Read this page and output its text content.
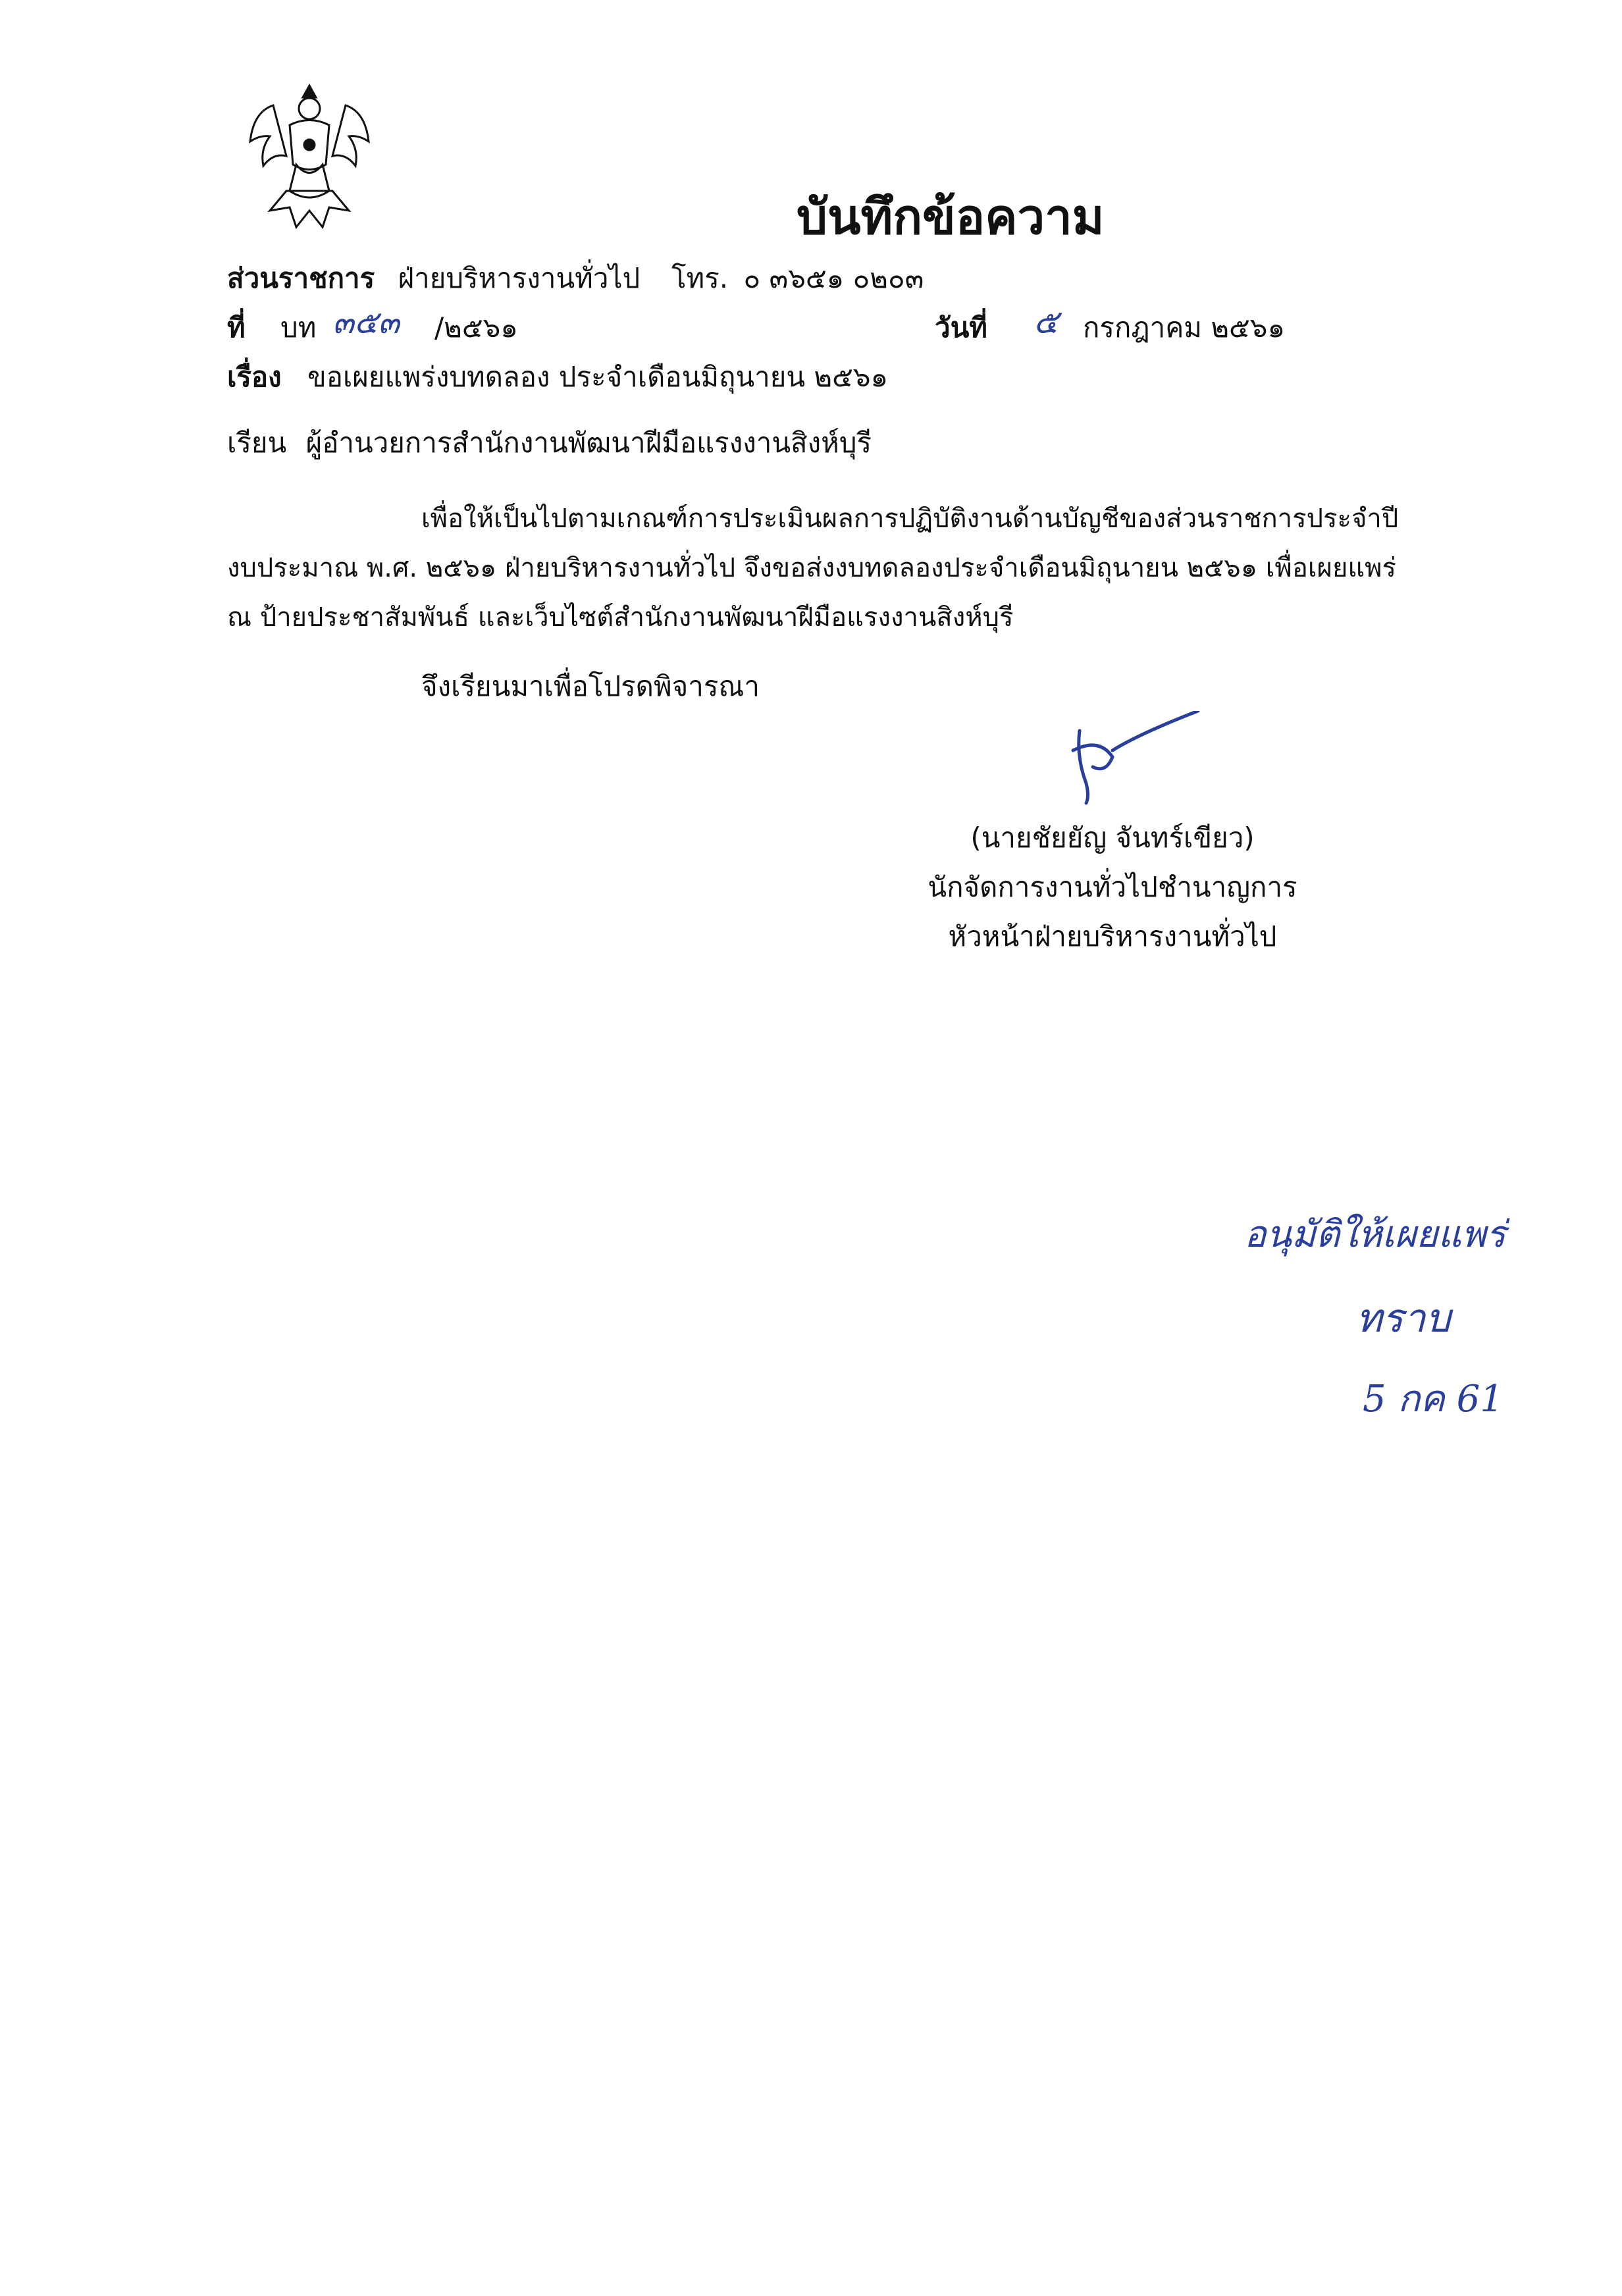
บันทึกข้อความ
ส่วนราชการ ฝ่ายบริหารงานทั่วไป โทร. ๐ ๓๖๕๑ ๐๒๐๓
ที่ บท ๓๕๓ /๒๕๖๑	วันที่ ๕ กรกฎาคม ๒๕๖๑
เรื่อง ขอเผยแพร่งบทดลอง ประจำเดือนมิถุนายน ๒๕๖๑
เรียน ผู้อำนวยการสำนักงานพัฒนาฝีมือแรงงานสิงห์บุรี
เพื่อให้เป็นไปตามเกณฑ์การประเมินผลการปฏิบัติงานด้านบัญชีของส่วนราชการประจำปี
งบประมาณ พ.ศ. ๒๕๖๑ ฝ่ายบริหารงานทั่วไป จึงขอส่งงบทดลองประจำเดือนมิถุนายน ๒๕๖๑ เพื่อเผยแพร่
ณ ป้ายประชาสัมพันธ์ และเว็บไซต์สำนักงานพัฒนาฝีมือแรงงานสิงห์บุรี
จึงเรียนมาเพื่อโปรดพิจารณา
(นายชัยยัญ จันทร์เขียว)
นักจัดการงานทั่วไปชำนาญการ
หัวหน้าฝ่ายบริหารงานทั่วไป
อนุมัติให้เผยแพร่
ทราบ
5 กค 61
